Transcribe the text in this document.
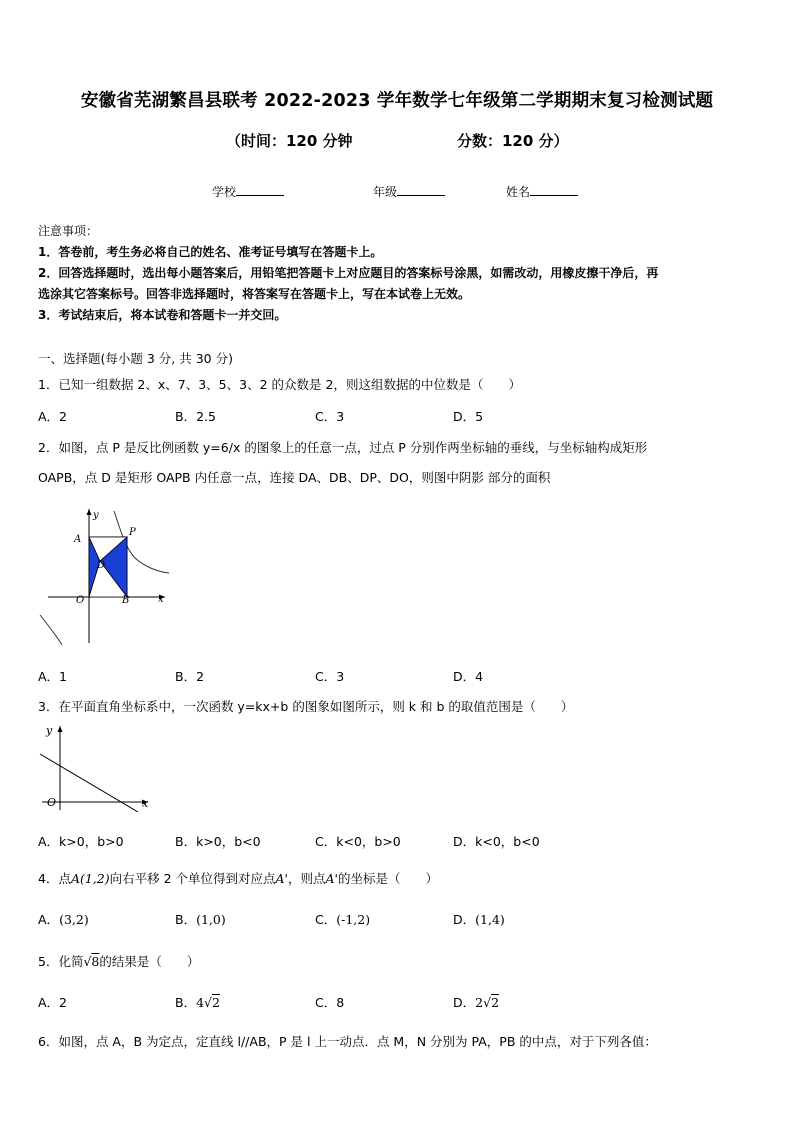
安徽省芜湖繁昌县联考 2022-2023 学年数学七年级第二学期期末复习检测试题
（时间：120 分钟	分数：120 分）
学校	年级	姓名
注意事项：
1．答卷前，考生务必将自己的姓名、准考证号填写在答题卡上。
2．回答选择题时，选出每小题答案后，用铅笔把答题卡上对应题目的答案标号涂黑，如需改动，用橡皮擦干净后，再
选涂其它答案标号。回答非选择题时，将答案写在答题卡上，写在本试卷上无效。
3．考试结束后，将本试卷和答题卡一并交回。
一、选择题(每小题 3 分, 共 30 分)
1．已知一组数据 2、x、7、3、5、3、2 的众数是 2，则这组数据的中位数是（　　）
A．2	B．2.5	C．3	D．5
2．如图，点 P 是反比例函数 y=6/x 的图象上的任意一点，过点 P 分别作两坐标轴的垂线，与坐标轴构成矩形
OAPB，点 D 是矩形 OAPB 内任意一点，连接 DA、DB、DP、DO，则图中阴影 部分的面积
y
x
A
P
D
O	B
A．1	B．2	C．3	D．4
3．在平面直角坐标系中，一次函数 y=kx+b 的图象如图所示，则 k 和 b 的取值范围是（　　）
y
x
O
A．k>0，b>0	B．k>0，b<0	C．k<0，b>0	D．k<0，b<0
4．点A(1,2)向右平移 2 个单位得到对应点A'，则点A'的坐标是（　　）
A．(3,2)	B．(1,0)	C．(-1,2)	D．(1,4)
5．化简√8的结果是（　　）
A．2	B．4√2	C．8	D．2√2
6．如图，点 A，B 为定点，定直线 l//AB，P 是 l 上一动点．点 M，N 分别为 PA，PB 的中点，对于下列各值：
